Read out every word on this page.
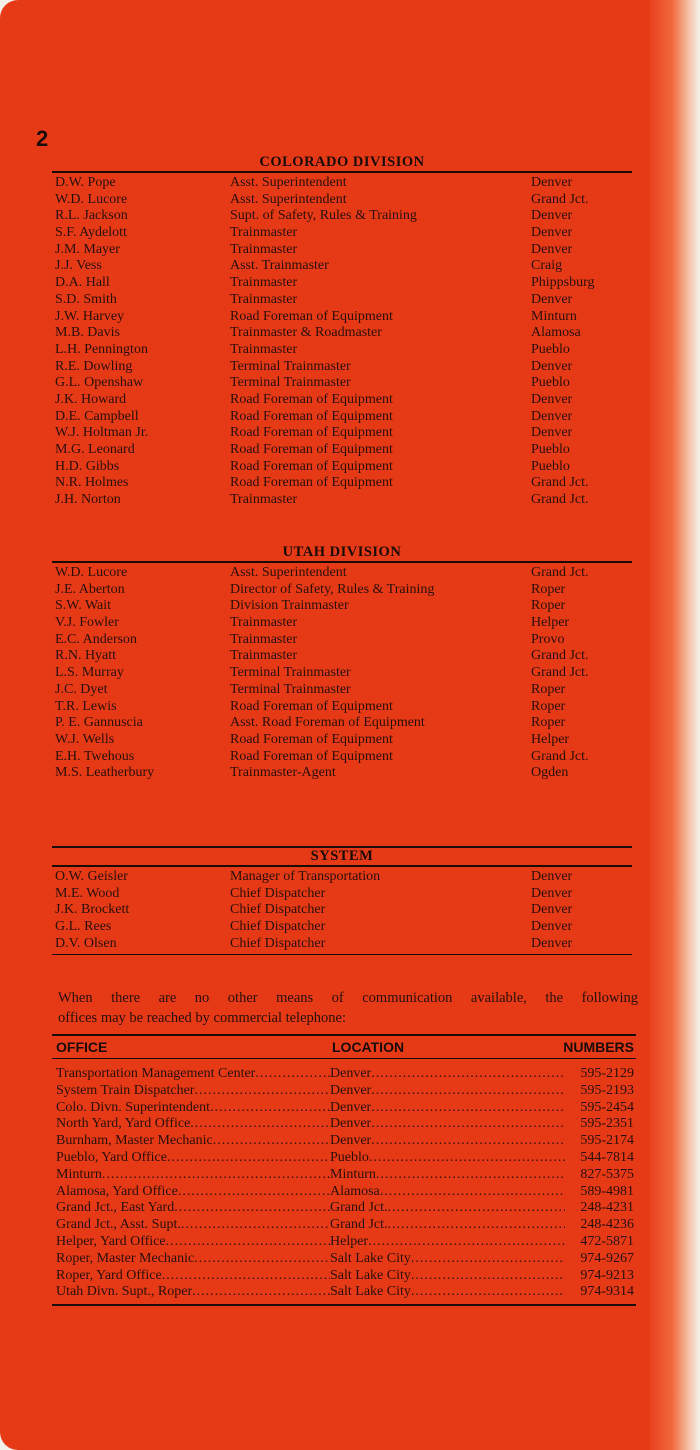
2
COLORADO DIVISION
D.W. Pope	Asst. Superintendent	Denver
W.D. Lucore	Asst. Superintendent	Grand Jct.
R.L. Jackson	Supt. of Safety, Rules & Training	Denver
S.F. Aydelott	Trainmaster	Denver
J.M. Mayer	Trainmaster	Denver
J.J. Vess	Asst. Trainmaster	Craig
D.A. Hall	Trainmaster	Phippsburg
S.D. Smith	Trainmaster	Denver
J.W. Harvey	Road Foreman of Equipment	Minturn
M.B. Davis	Trainmaster & Roadmaster	Alamosa
L.H. Pennington	Trainmaster	Pueblo
R.E. Dowling	Terminal Trainmaster	Denver
G.L. Openshaw	Terminal Trainmaster	Pueblo
J.K. Howard	Road Foreman of Equipment	Denver
D.E. Campbell	Road Foreman of Equipment	Denver
W.J. Holtman Jr.	Road Foreman of Equipment	Denver
M.G. Leonard	Road Foreman of Equipment	Pueblo
H.D. Gibbs	Road Foreman of Equipment	Pueblo
N.R. Holmes	Road Foreman of Equipment	Grand Jct.
J.H. Norton	Trainmaster	Grand Jct.
UTAH DIVISION
W.D. Lucore	Asst. Superintendent	Grand Jct.
J.E. Aberton	Director of Safety, Rules & Training	Roper
S.W. Wait	Division Trainmaster	Roper
V.J. Fowler	Trainmaster	Helper
E.C. Anderson	Trainmaster	Provo
R.N. Hyatt	Trainmaster	Grand Jct.
L.S. Murray	Terminal Trainmaster	Grand Jct.
J.C. Dyet	Terminal Trainmaster	Roper
T.R. Lewis	Road Foreman of Equipment	Roper
P. E. Gannuscia	Asst. Road Foreman of Equipment	Roper
W.J. Wells	Road Foreman of Equipment	Helper
E.H. Twehous	Road Foreman of Equipment	Grand Jct.
M.S. Leatherbury	Trainmaster-Agent	Ogden
SYSTEM
O.W. Geisler	Manager of Transportation	Denver
M.E. Wood	Chief Dispatcher	Denver
J.K. Brockett	Chief Dispatcher	Denver
G.L. Rees	Chief Dispatcher	Denver
D.V. Olsen	Chief Dispatcher	Denver
When there are no other means of communication available, the following
offices may be reached by commercial telephone:
OFFICE	LOCATION	NUMBERS
Transportation Management Center .....	Denver .....	595-2129
System Train Dispatcher .....	Denver .....	595-2193
Colo. Divn. Superintendent .....	Denver .....	595-2454
North Yard, Yard Office .....	Denver .....	595-2351
Burnham, Master Mechanic .....	Denver .....	595-2174
Pueblo, Yard Office .....	Pueblo .....	544-7814
Minturn .....	Minturn .....	827-5375
Alamosa, Yard Office .....	Alamosa .....	589-4981
Grand Jct., East Yard .....	Grand Jct. .....	248-4231
Grand Jct., Asst. Supt. .....	Grand Jct. .....	248-4236
Helper, Yard Office .....	Helper .....	472-5871
Roper, Master Mechanic .....	Salt Lake City .....	974-9267
Roper, Yard Office .....	Salt Lake City .....	974-9213
Utah Divn. Supt., Roper .....	Salt Lake City .....	974-9314
